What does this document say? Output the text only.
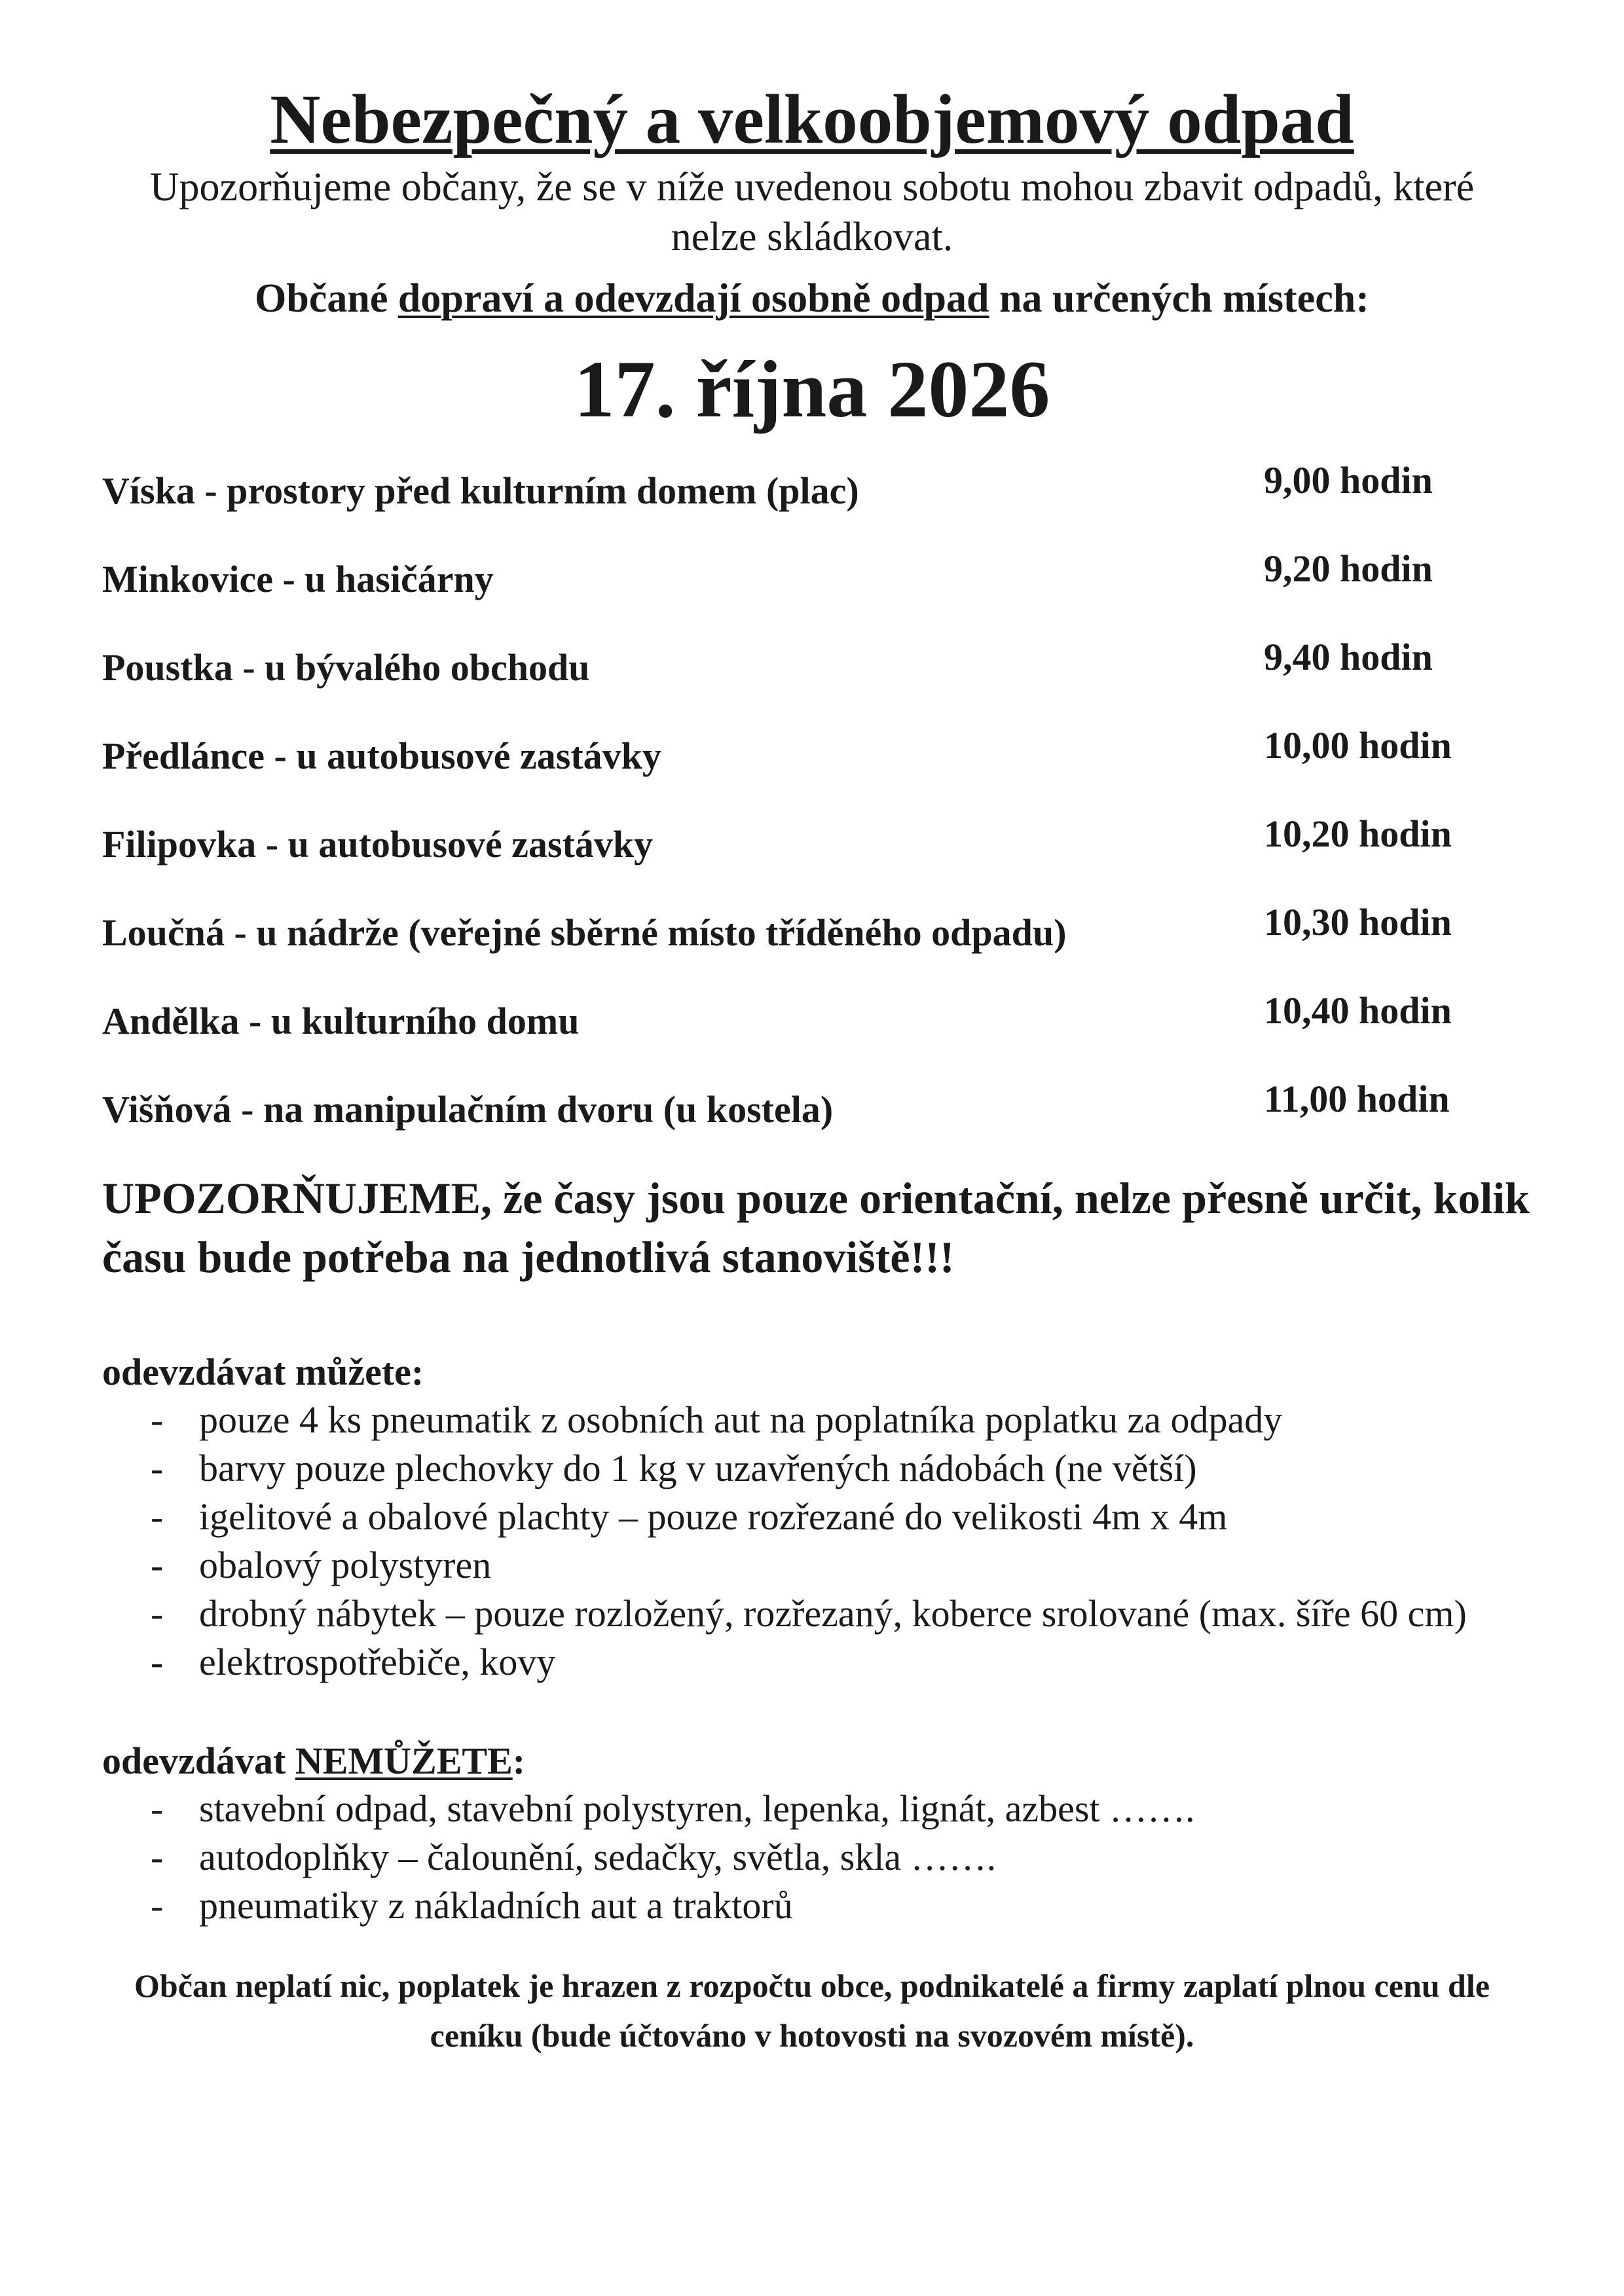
Nebezpečný a velkoobjemový odpad

Upozorňujeme občany, že se v níže uvedenou sobotu mohou zbavit odpadů, které nelze skládkovat.

Občané dopraví a odevzdají osobně odpad na určených místech:

17. října 2026

Víska - prostory před kulturním domem (plac)	9,00 hodin
Minkovice - u hasičárny	9,20 hodin
Poustka - u bývalého obchodu	9,40 hodin
Předlánce - u autobusové zastávky	10,00 hodin
Filipovka - u autobusové zastávky	10,20 hodin
Loučná - u nádrže (veřejné sběrné místo tříděného odpadu)	10,30 hodin
Andělka - u kulturního domu	10,40 hodin
Višňová - na manipulačním dvoru (u kostela)	11,00 hodin

UPOZORŇUJEME, že časy jsou pouze orientační, nelze přesně určit, kolik času bude potřeba na jednotlivá stanoviště!!!

odevzdávat můžete:

- pouze 4 ks pneumatik z osobních aut na poplatníka poplatku za odpady
- barvy pouze plechovky do 1 kg v uzavřených nádobách (ne větší)
- igelitové a obalové plachty – pouze rozřezané do velikosti 4m x 4m
- obalový polystyren
- drobný nábytek – pouze rozložený, rozřezaný, koberce srolované (max. šíře 60 cm)
- elektrospotřebiče, kovy

odevzdávat NEMŮŽETE:

- stavební odpad, stavební polystyren, lepenka, lignát, azbest …….
- autodoplňky – čalounění, sedačky, světla, skla …….
- pneumatiky z nákladních aut a traktorů

Občan neplatí nic, poplatek je hrazen z rozpočtu obce, podnikatelé a firmy zaplatí plnou cenu dle ceníku (bude účtováno v hotovosti na svozovém místě).
